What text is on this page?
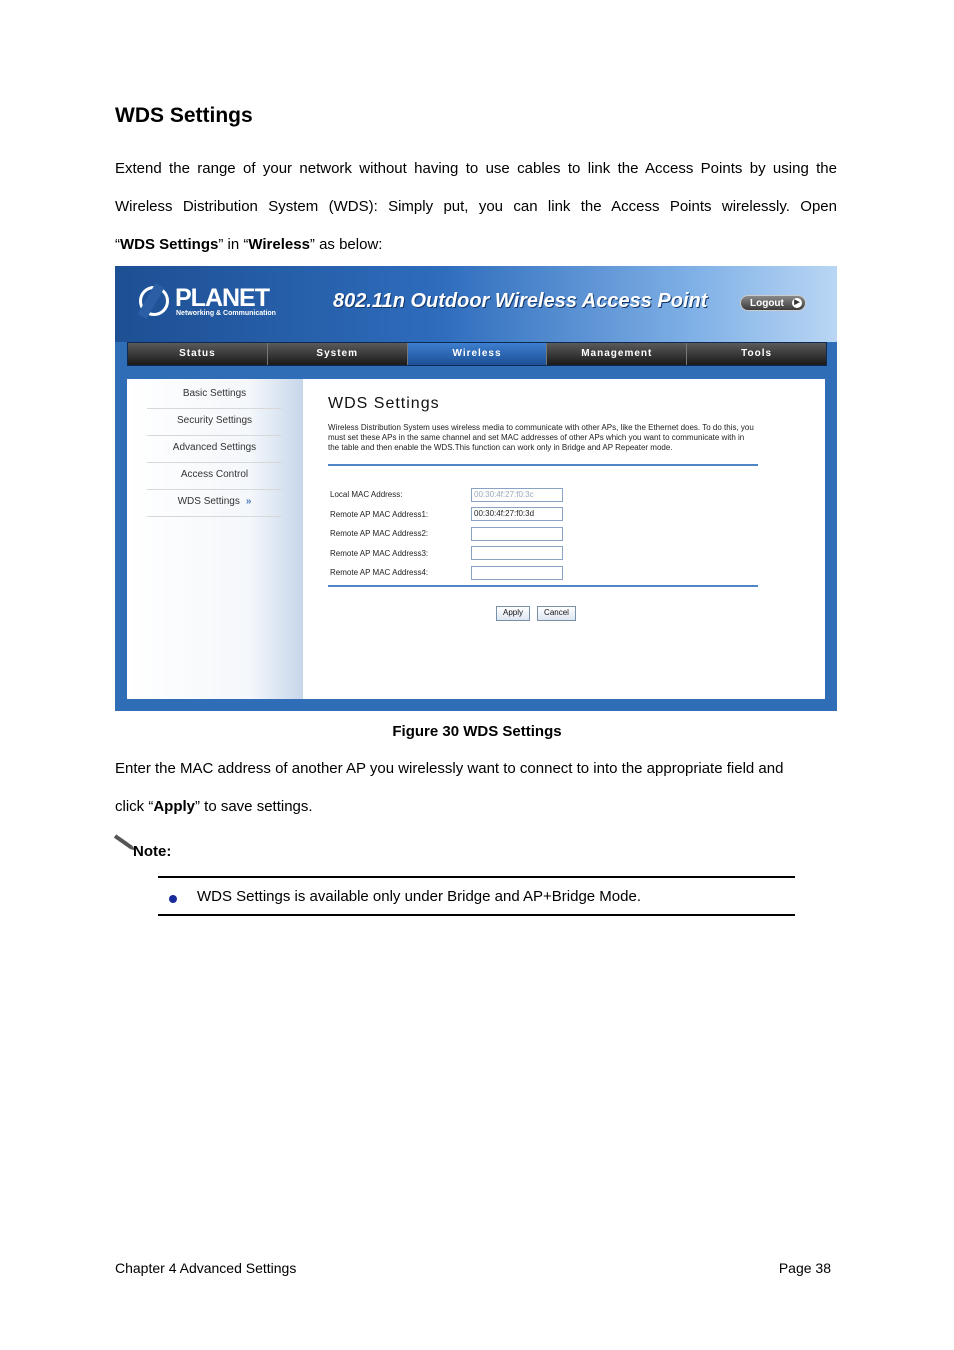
WDS Settings

Extend the range of your network without having to use cables to link the Access Points by using the

Wireless Distribution System (WDS): Simply put, you can link the Access Points wirelessly. Open

“WDS Settings” in “Wireless” as below:

PLANET
Networking & Communication
802.11n Outdoor Wireless Access Point	Logout	▶
Status	System	Wireless	Management	Tools
Basic Settings
Security Settings
Advanced Settings
Access Control
WDS Settings »
WDS Settings
Wireless Distribution System uses wireless media to communicate with other APs, like the Ethernet does. To do this, you must set these APs in the same channel and set MAC addresses of other APs which you want to communicate with in the table and then enable the WDS.This function can work only in Bridge and AP Repeater mode.
Local MAC Address:	00:30:4f:27:f0:3c
Remote AP MAC Address1:	00:30:4f:27:f0:3d
Remote AP MAC Address2:
Remote AP MAC Address3:
Remote AP MAC Address4:
Apply	Cancel
Figure 30 WDS Settings

Enter the MAC address of another AP you wirelessly want to connect to into the appropriate field and

click “Apply” to save settings.

Note:
WDS Settings is available only under Bridge and AP+Bridge Mode.
Chapter 4 Advanced Settings	Page 38
